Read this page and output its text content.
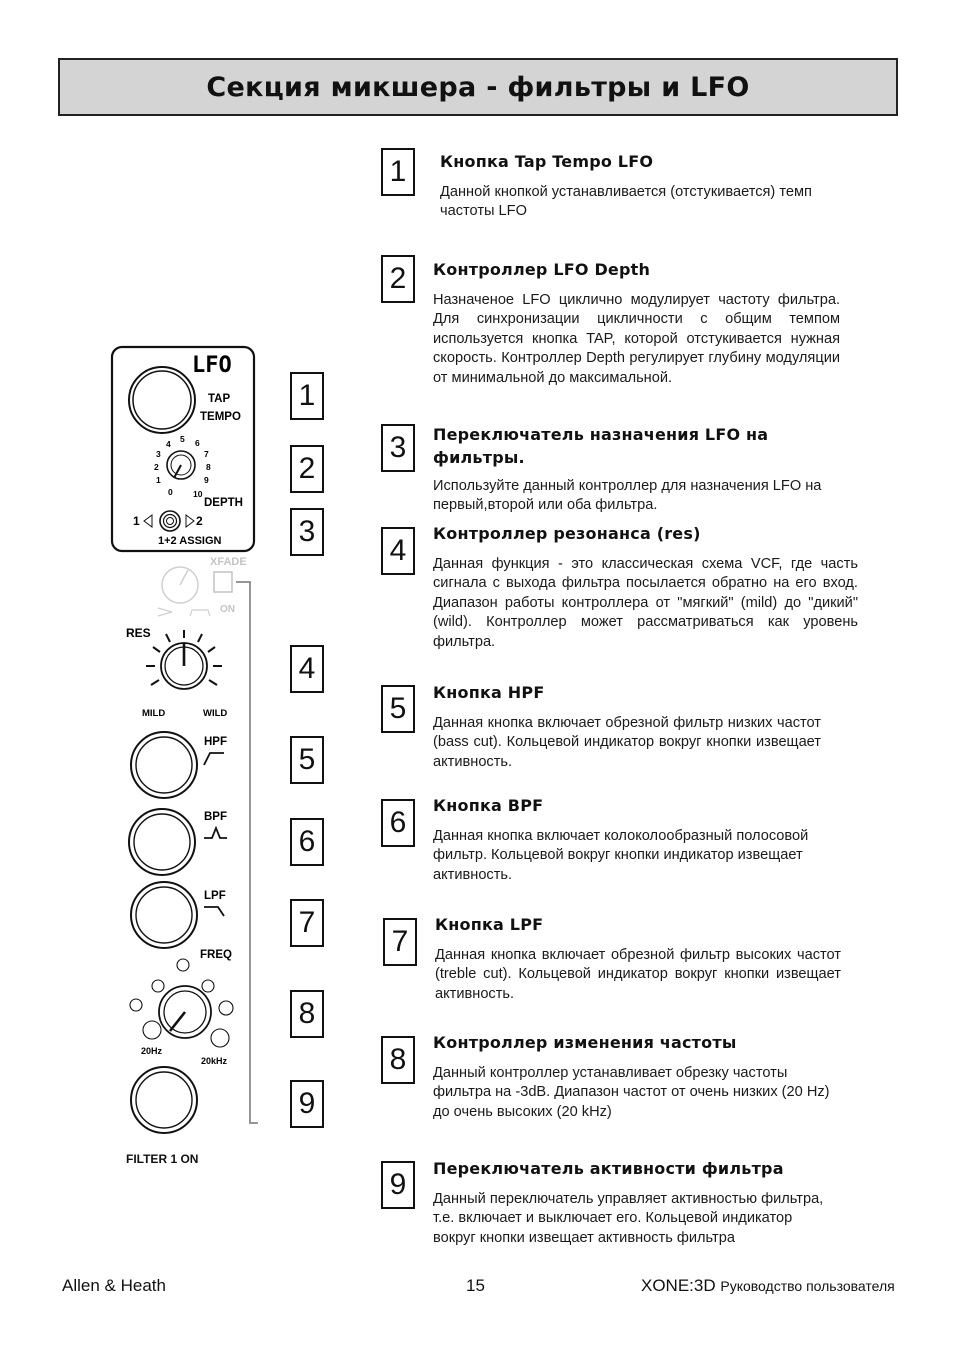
Секция микшера - фильтры и LFO
LFO
TAP
TEMPO
0
1
2
3
4 5 6
7
8
9
10
DEPTH
1	2
1+2 ASSIGN
XFADE
ON
RES
MILD	WILD
HPF
BPF
LPF
FREQ
20Hz
20kHz
FILTER 1 ON
1
2
3
4
5
6
7
8
9
1	Кнопка Tap Tempo LFO

Данной кнопкой устанавливается (отстукивается) темп частоты LFO

2	Контроллер LFO Depth

Назначеное LFO циклично модулирует частоту фильтра. Для синхронизации цикличности с общим темпом используется кнопка TAP, которой отстукивается нужная скорость. Контроллер Depth регулирует глубину модуляции от минимальной до максимальной.

3	Переключатель назначения LFO на фильтры.

Используйте данный контроллер для назначения LFO на первый,второй или оба фильтра.

4
Контроллер резонанса (res)

Данная функция - это классическая схема VCF, где часть сигнала с выхода фильтра посылается обратно на его вход. Диапазон работы контроллера от "мягкий" (mild) до "дикий" (wild). Контроллер может рассматриваться как уровень фильтра.

5	Кнопка HPF

Данная кнопка включает обрезной фильтр низких частот (bass cut). Кольцевой индикатор вокруг кнопки извещает активность.

6
Кнопка BPF

Данная кнопка включает колоколообразный полосовой фильтр. Кольцевой вокруг кнопки индикатор извещает активность.

7
Кнопка LPF

Данная кнопка включает обрезной фильтр высоких частот (treble cut). Кольцевой индикатор вокруг кнопки извещает активность.

8
Контроллер изменения частоты

Данный контроллер устанавливает обрезку частоты фильтра на -3dB. Диапазон частот от очень низких (20 Hz) до очень высоких (20 kHz)

9	Переключатель активности фильтра

Данный переключатель управляет активностью фильтра, т.е. включает и выключает его. Кольцевой индикатор вокруг кнопки извещает активность фильтра

Allen & Heath	15	XONE:3D Руководство пользователя
